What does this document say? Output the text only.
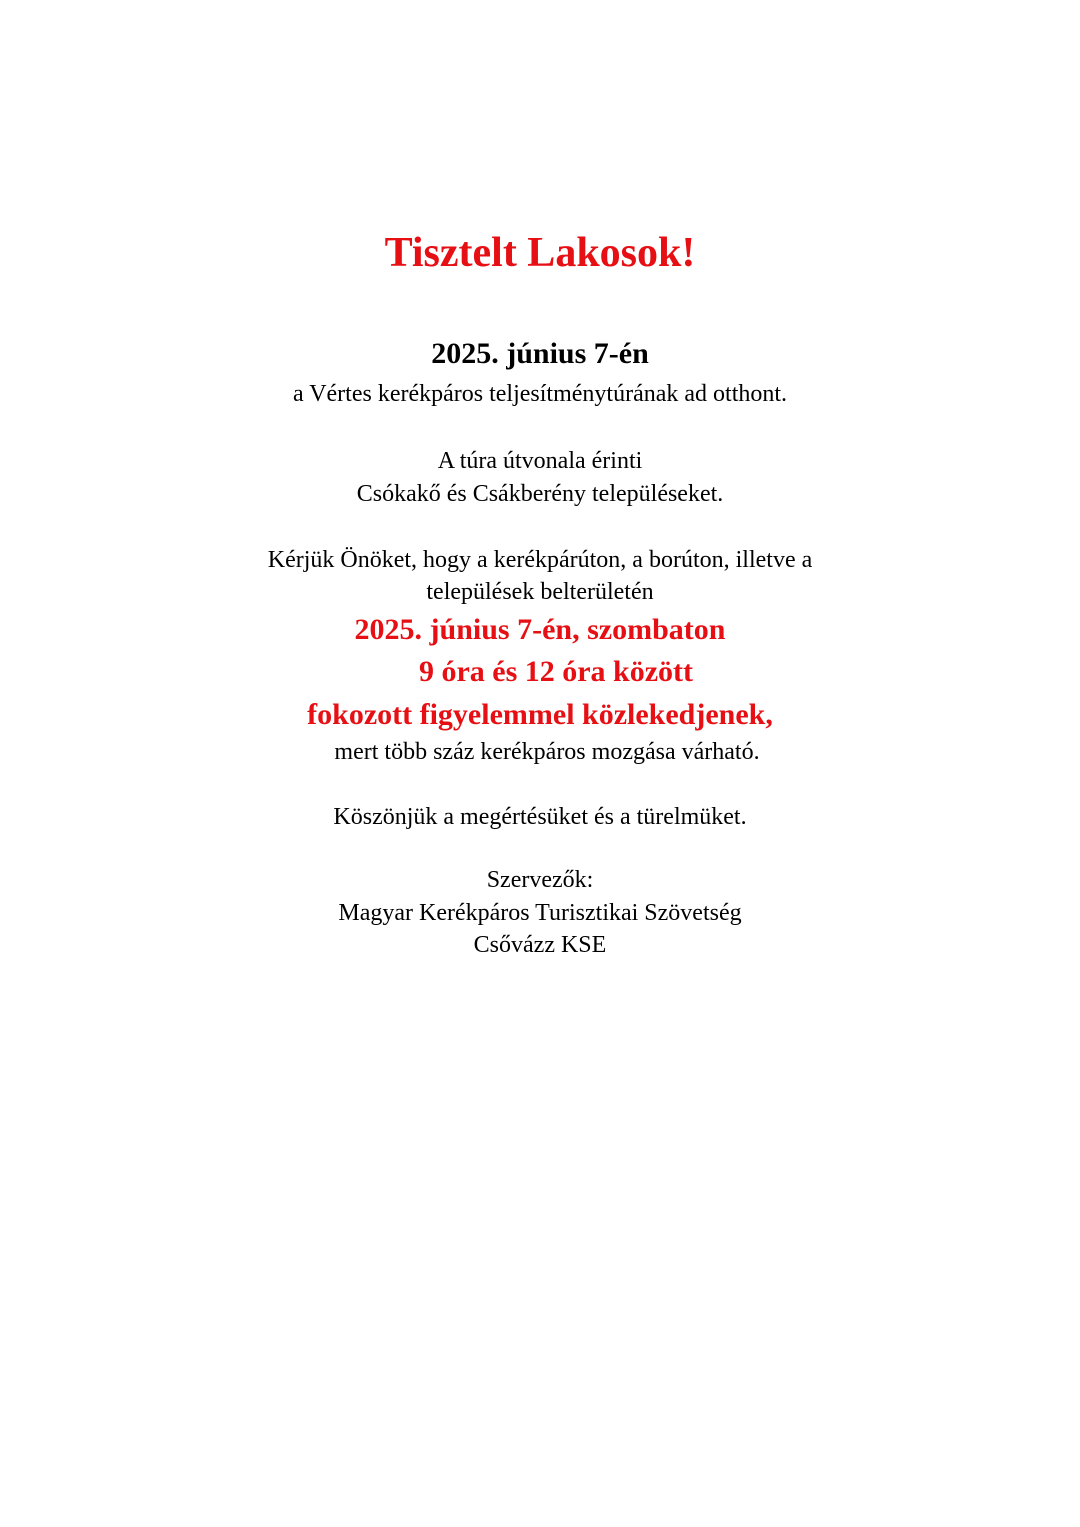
Tisztelt Lakosok!
2025. június 7-én
a Vértes kerékpáros teljesítménytúrának ad otthont.
A túra útvonala érinti
Csókakő és Csákberény településeket.
Kérjük Önöket, hogy a kerékpárúton, a borúton, illetve a
települések belterületén
2025. június 7-én, szombaton
9 óra és 12 óra között
fokozott figyelemmel közlekedjenek,
mert több száz kerékpáros mozgása várható.
Köszönjük a megértésüket és a türelmüket.
Szervezők:
Magyar Kerékpáros Turisztikai Szövetség
Csővázz KSE
